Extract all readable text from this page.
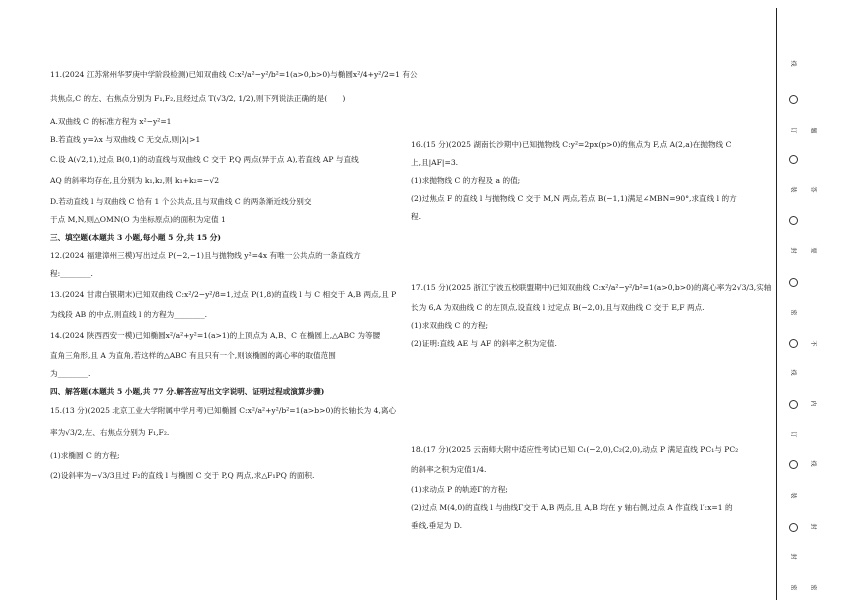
11.(2024 江苏常州华罗庚中学阶段检测)已知双曲线 C:x²/a²−y²/b²=1(a>0,b>0)与椭圆x²/4+y²/2=1 有公
共焦点,C 的左、右焦点分别为 F₁,F₂,且经过点 T(√3/2, 1/2),则下列说法正确的是(　　)
A.双曲线 C 的标准方程为 x²−y²=1
B.若直线 y=λx 与双曲线 C 无交点,则|λ|>1
C.设 A(√2,1),过点 B(0,1)的动直线与双曲线 C 交于 P,Q 两点(异于点 A),若直线 AP 与直线
AQ 的斜率均存在,且分别为 k₁,k₂,则 k₁+k₂=−√2
D.若动直线 l 与双曲线 C 恰有 1 个公共点,且与双曲线 C 的两条渐近线分别交
于点 M,N,则△OMN(O 为坐标原点)的面积为定值 1
三、填空题(本题共 3 小题,每小题 5 分,共 15 分)
12.(2024 福建漳州三模)写出过点 P(−2,−1)且与抛物线 y²=4x 有唯一公共点的一条直线方
程:________.
13.(2024 甘肃白银期末)已知双曲线 C:x²/2−y²/8=1,过点 P(1,8)的直线 l 与 C 相交于 A,B 两点,且 P
为线段 AB 的中点,则直线 l 的方程为________.
14.(2024 陕西西安一模)已知椭圆x²/a²+y²=1(a>1)的上顶点为 A,B、C 在椭圆上,△ABC 为等腰
直角三角形,且 A 为直角,若这样的△ABC 有且只有一个,则该椭圆的离心率的取值范围
为________.
四、解答题(本题共 5 小题,共 77 分.解答应写出文字说明、证明过程或演算步骤)
15.(13 分)(2025 北京工业大学附属中学月考)已知椭圆 C:x²/a²+y²/b²=1(a>b>0)的长轴长为 4,离心
率为√3/2,左、右焦点分别为 F₁,F₂.
(1)求椭圆 C 的方程;
(2)设斜率为−√3/3且过 F₂的直线 l 与椭圆 C 交于 P,Q 两点,求△F₁PQ 的面积.
16.(15 分)(2025 湖南长沙期中)已知抛物线 C:y²=2px(p>0)的焦点为 F,点 A(2,a)在抛物线 C
上,且|AF|=3.
(1)求抛物线 C 的方程及 a 的值;
(2)过焦点 F 的直线 l 与抛物线 C 交于 M,N 两点,若点 B(−1,1)满足∠MBN=90°,求直线 l 的方
程.
17.(15 分)(2025 浙江宁波五校联盟期中)已知双曲线 C:x²/a²−y²/b²=1(a>0,b>0)的离心率为2√3/3,实轴
长为 6,A 为双曲线 C 的左顶点,设直线 l 过定点 B(−2,0),且与双曲线 C 交于 E,F 两点.
(1)求双曲线 C 的方程;
(2)证明:直线 AE 与 AF 的斜率之积为定值.
18.(17 分)(2025 云南师大附中适应性考试)已知 C₁(−2,0),C₂(2,0),动点 P 满足直线 PC₁与 PC₂
的斜率之积为定值1/4.
(1)求动点 P 的轨迹Γ的方程;
(2)过点 M(4,0)的直线 l 与曲线Γ交于 A,B 两点,且 A,B 均在 y 轴右侧,过点 A 作直线 l′:x=1 的
垂线,垂足为 D.
线
订
装
封
密
线
订
装
封
密
题
答
要
不
内
线
封
密
